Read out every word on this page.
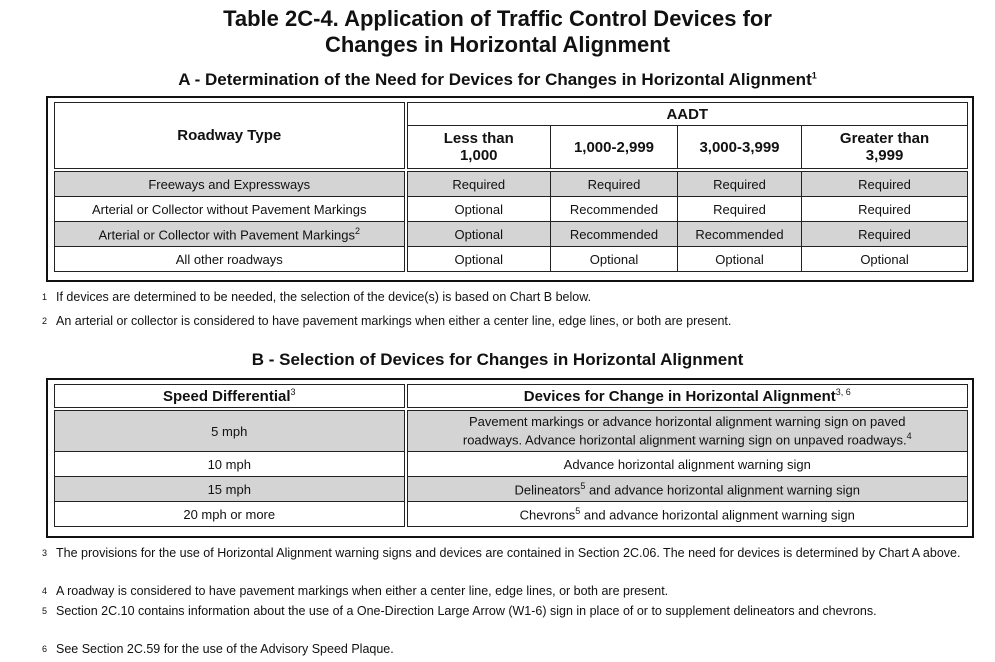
Table 2C-4. Application of Traffic Control Devices for
Changes in Horizontal Alignment
A - Determination of the Need for Devices for Changes in Horizontal Alignment$^1$
Roadway Type	AADT			
	Less than 1,000	1,000-2,999	3,000-3,999	Greater than 3,999

Freeways and Expressways	Required	Required	Required	Required
Arterial or Collector without Pavement Markings	Optional	Recommended	Required	Required
Arterial or Collector with Pavement Markings$^2$	Optional	Recommended	Recommended	Required
All other roadways	Optional	Optional	Optional	Optional
1 If devices are determined to be needed, the selection of the device(s) is based on Chart B below.
2 An arterial or collector is considered to have pavement markings when either a center line, edge lines, or both are present.
B - Selection of Devices for Changes in Horizontal Alignment
Speed Differential$^3$	Devices for Change in Horizontal Alignment$^{3, 6}$

5 mph	Pavement markings or advance horizontal alignment warning sign on paved
roadways. Advance horizontal alignment warning sign on unpaved roadways.$^4$

10 mph	Advance horizontal alignment warning sign
15 mph	Delineators$^5$ and advance horizontal alignment warning sign
20 mph or more	Chevrons$^5$ and advance horizontal alignment warning sign
3 The provisions for the use of Horizontal Alignment warning signs and devices are contained in Section 2C.06. The need for devices is determined by Chart A above.
4 A roadway is considered to have pavement markings when either a center line, edge lines, or both are present.
5 Section 2C.10 contains information about the use of a One-Direction Large Arrow (W1-6) sign in place of or to supplement delineators and chevrons.
6 See Section 2C.59 for the use of the Advisory Speed Plaque.
